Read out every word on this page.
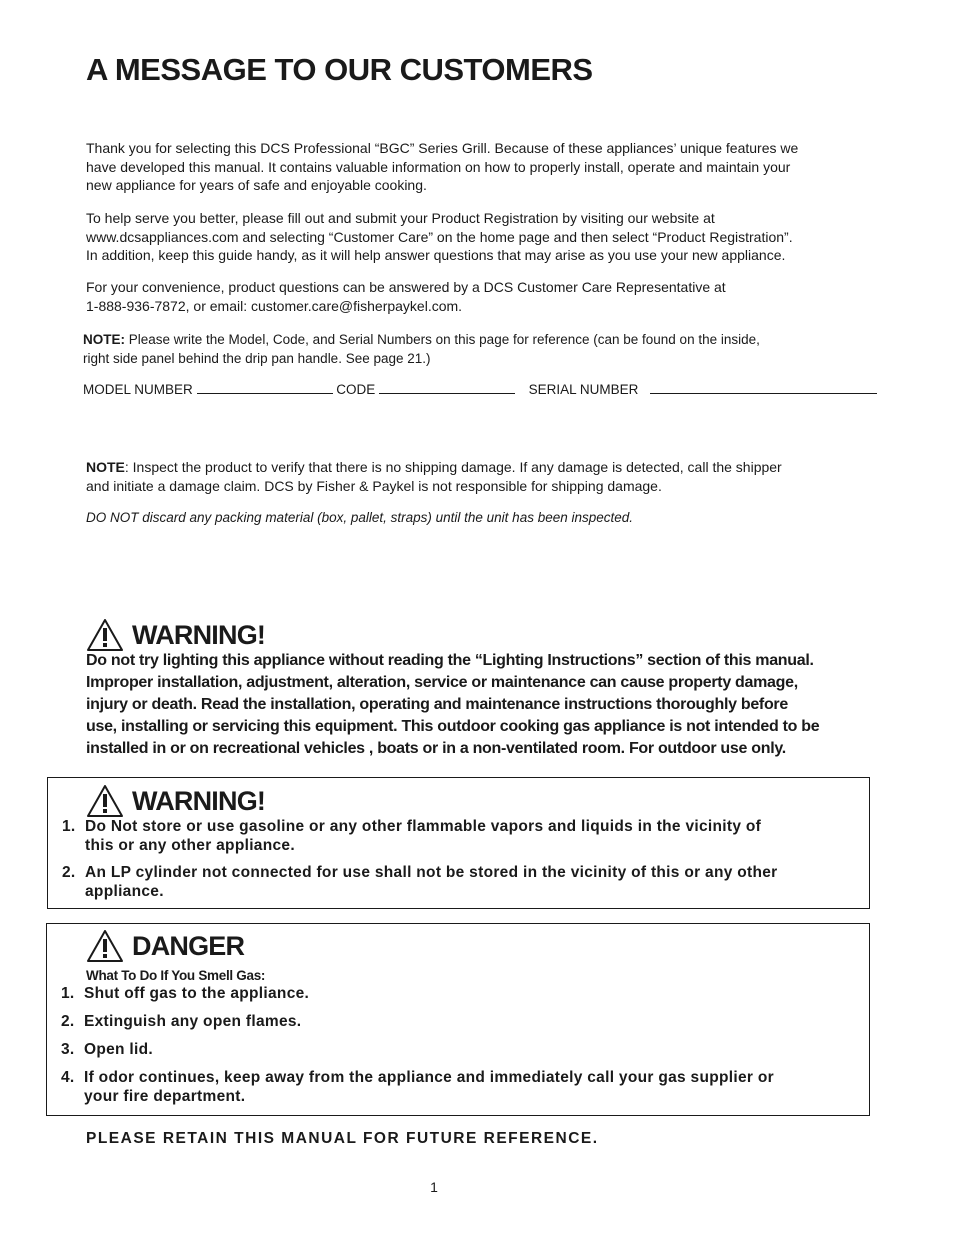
A MESSAGE TO OUR CUSTOMERS

Thank you for selecting this DCS Professional “BGC” Series Grill. Because of these appliances’ unique features we
have developed this manual. It contains valuable information on how to properly install, operate and maintain your
new appliance for years of safe and enjoyable cooking.

To help serve you better, please fill out and submit your Product Registration by visiting our website at
www.dcsappliances.com and selecting “Customer Care” on the home page and then select “Product Registration”.
In addition, keep this guide handy, as it will help answer questions that may arise as you use your new appliance.

For your convenience, product questions can be answered by a DCS Customer Care Representative at
1-888-936-7872, or email: customer.care@fisherpaykel.com.

NOTE: Please write the Model, Code, and Serial Numbers on this page for reference (can be found on the inside,
right side panel behind the drip pan handle. See page 21.)

MODEL NUMBER	CODE	SERIAL NUMBER

NOTE: Inspect the product to verify that there is no shipping damage. If any damage is detected, call the shipper
and initiate a damage claim. DCS by Fisher & Paykel is not responsible for shipping damage.

DO NOT discard any packing material (box, pallet, straps) until the unit has been inspected.

WARNING!
Do not try lighting this appliance without reading the “Lighting Instructions” section of this manual.
Improper installation, adjustment, alteration, service or maintenance can cause property damage,
injury or death. Read the installation, operating and maintenance instructions thoroughly before
use, installing or servicing this equipment. This outdoor cooking gas appliance is not intended to be
installed in or on recreational vehicles , boats or in a non-ventilated room. For outdoor use only.
WARNING!
1. Do Not store or use gasoline or any other flammable vapors and liquids in the vicinity of
this or any other appliance.
2. An LP cylinder not connected for use shall not be stored in the vicinity of this or any other
appliance.
DANGER
What To Do If You Smell Gas:
1. Shut off gas to the appliance.
2. Extinguish any open flames.
3. Open lid.
4. If odor continues, keep away from the appliance and immediately call your gas supplier or
your fire department.
PLEASE RETAIN THIS MANUAL FOR FUTURE REFERENCE.
1
